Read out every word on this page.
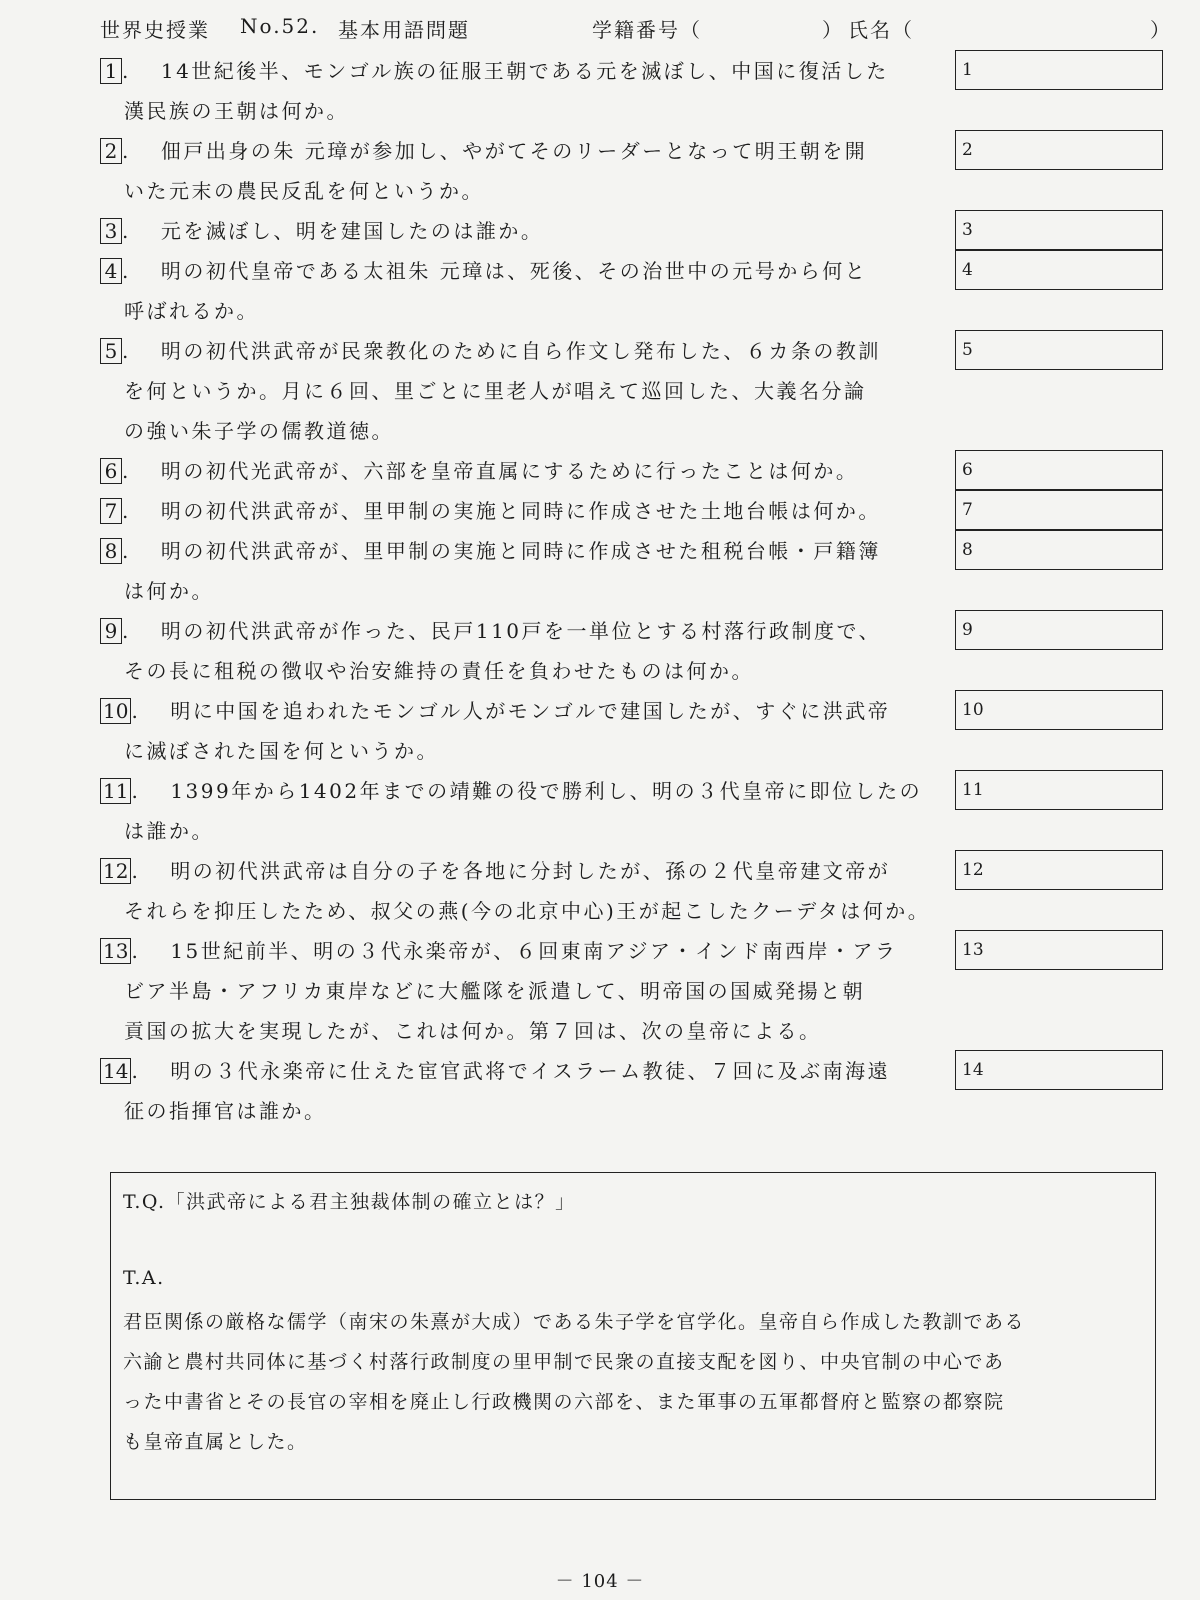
世界史授業 No.52. 基本用語問題	学籍番号（	） 氏名（	）
1 . 14世紀後半、モンゴル族の征服王朝である元を滅ぼし、中国に復活した
漢民族の王朝は何か。
1
2 . 佃戸出身の朱 元璋が参加し、やがてそのリーダーとなって明王朝を開
いた元末の農民反乱を何というか。
2
3 . 元を滅ぼし、明を建国したのは誰か。	3
4 . 明の初代皇帝である太祖朱 元璋は、死後、その治世中の元号から何と
呼ばれるか。
4
5 . 明の初代洪武帝が民衆教化のために自ら作文し発布した、６カ条の教訓
を何というか。月に６回、里ごとに里老人が唱えて巡回した、大義名分論
の強い朱子学の儒教道徳。
5
6 . 明の初代光武帝が、六部を皇帝直属にするために行ったことは何か。	6
7 . 明の初代洪武帝が、里甲制の実施と同時に作成させた土地台帳は何か。	7
8 . 明の初代洪武帝が、里甲制の実施と同時に作成させた租税台帳・戸籍簿
は何か。
8
9 . 明の初代洪武帝が作った、民戸110戸を一単位とする村落行政制度で、
その長に租税の徴収や治安維持の責任を負わせたものは何か。
9
10 . 明に中国を追われたモンゴル人がモンゴルで建国したが、すぐに洪武帝
に滅ぼされた国を何というか。
10
11 . 1399年から1402年までの靖難の役で勝利し、明の３代皇帝に即位したの
は誰か。
11
12 . 明の初代洪武帝は自分の子を各地に分封したが、孫の２代皇帝建文帝が
それらを抑圧したため、叔父の燕(今の北京中心)王が起こしたクーデタは何か。
12
13 . 15世紀前半、明の３代永楽帝が、６回東南アジア・インド南西岸・アラ
ビア半島・アフリカ東岸などに大艦隊を派遣して、明帝国の国威発揚と朝
貢国の拡大を実現したが、これは何か。第７回は、次の皇帝による。
13
14 . 明の３代永楽帝に仕えた宦官武将でイスラーム教徒、７回に及ぶ南海遠
征の指揮官は誰か。
14
T.Q.「洪武帝による君主独裁体制の確立とは？」
T.A.
君臣関係の厳格な儒学（南宋の朱熹が大成）である朱子学を官学化。皇帝自ら作成した教訓である
六諭と農村共同体に基づく村落行政制度の里甲制で民衆の直接支配を図り、中央官制の中心であ
った中書省とその長官の宰相を廃止し行政機関の六部を、また軍事の五軍都督府と監察の都察院
も皇帝直属とした。
－ 104 －
